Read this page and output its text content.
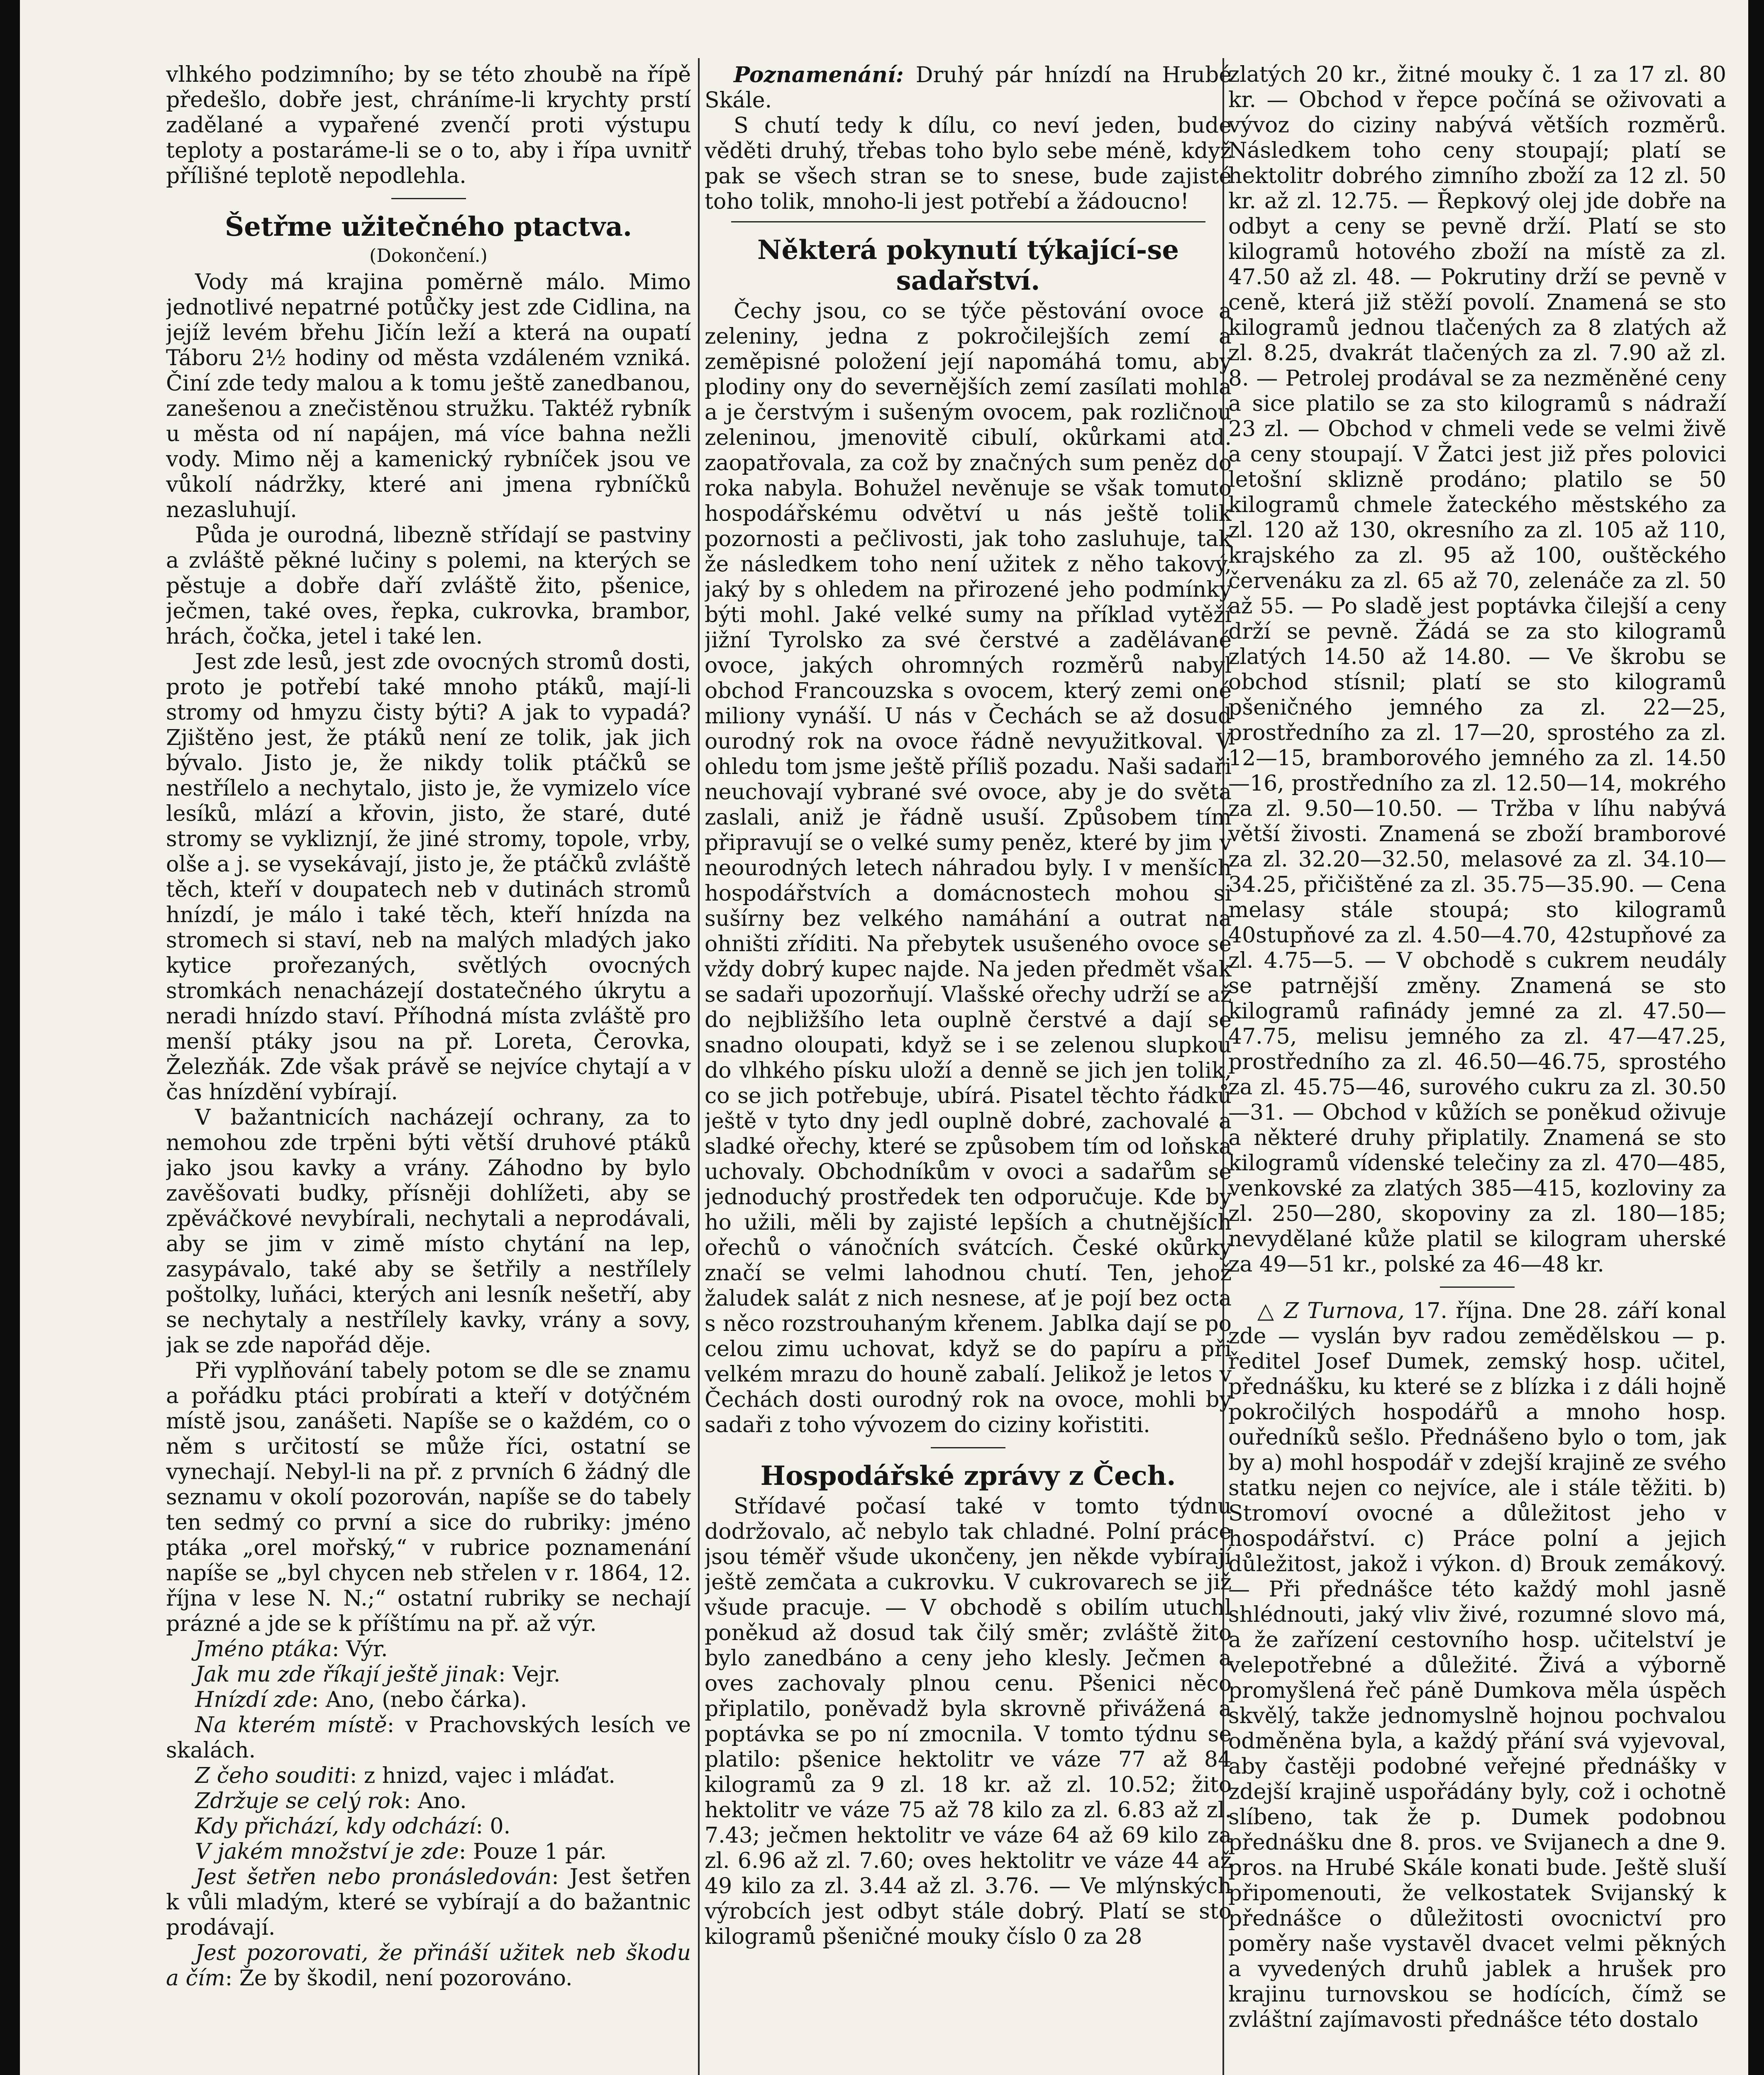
vlhkého podzimního; by se této zhoubě na řípě předešlo, dobře jest, chráníme-li krychty prstí zadělané a vypařené zvenčí proti výstupu teploty a postaráme-li se o to, aby i řípa uvnitř přílišné teplotě nepodlehla.

Šetřme užitečného ptactva.
(Dokončení.)

Vody má krajina poměrně málo. Mimo jednotlivé nepatrné potůčky jest zde Cidlina, na jejíž levém břehu Jičín leží a která na oupatí Táboru 2½ hodiny od města vzdáleném vzniká. Činí zde tedy malou a k tomu ještě zanedbanou, zanešenou a znečistěnou stružku. Taktéž rybník u města od ní napájen, má více bahna nežli vody. Mimo něj a kamenický rybníček jsou ve vůkolí nádržky, které ani jmena rybníčků nezasluhují.

Půda je ourodná, libezně střídají se pastviny a zvláště pěkné lučiny s polemi, na kterých se pěstuje a dobře daří zvláště žito, pšenice, ječmen, také oves, řepka, cukrovka, brambor, hrách, čočka, jetel i také len.

Jest zde lesů, jest zde ovocných stromů dosti, proto je potřebí také mnoho ptáků, mají-li stromy od hmyzu čisty býti? A jak to vypadá? Zjištěno jest, že ptáků není ze tolik, jak jich bývalo. Jisto je, že nikdy tolik ptáčků se nestřílelo a nechytalo, jisto je, že vymizelo více lesíků, mlází a křovin, jisto, že staré, duté stromy se vykliznjí, že jiné stromy, topole, vrby, olše a j. se vysekávají, jisto je, že ptáčků zvláště těch, kteří v doupatech neb v dutinách stromů hnízdí, je málo i také těch, kteří hnízda na stromech si staví, neb na malých mladých jako kytice prořezaných, světlých ovocných stromkách nenacházejí dostatečného úkrytu a neradi hnízdo staví. Příhodná místa zvláště pro menší ptáky jsou na př. Loreta, Čerovka, Železňák. Zde však právě se nejvíce chytají a v čas hnízdění vybírají.

V bažantnicích nacházejí ochrany, za to nemohou zde trpěni býti větší druhové ptáků jako jsou kavky a vrány. Záhodno by bylo zavěšovati budky, přísněji dohlížeti, aby se zpěváčkové nevybírali, nechytali a neprodávali, aby se jim v zimě místo chytání na lep, zasypávalo, také aby se šetřily a nestřílely poštolky, luňáci, kterých ani lesník nešetří, aby se nechytaly a nestřílely kavky, vrány a sovy, jak se zde napořád děje.

Při vyplňování tabely potom se dle se znamu a pořádku ptáci probírati a kteří v dotýčném místě jsou, zanášeti. Napíše se o každém, co o něm s určitostí se může říci, ostatní se vynechají. Nebyl-li na př. z prvních 6 žádný dle seznamu v okolí pozorován, napíše se do tabely ten sedmý co první a sice do rubriky: jméno ptáka „orel mořský,“ v rubrice poznamenání napíše se „byl chycen neb střelen v r. 1864, 12. října v lese N. N.;“ ostatní rubriky se nechají prázné a jde se k příštímu na př. až výr.

Jméno ptáka: Výr.

Jak mu zde říkají ještě jinak: Vejr.

Hnízdí zde: Ano, (nebo čárka).

Na kterém místě: v Prachovských lesích ve skalách.

Z čeho souditi: z hnizd, vajec i mláďat.

Zdržuje se celý rok: Ano.

Kdy přichází, kdy odchází: 0.

V jakém množství je zde: Pouze 1 pár.

Jest šetřen nebo pronásledován: Jest šetřen k vůli mladým, které se vybírají a do bažantnic prodávají.

Jest pozorovati, že přináší užitek neb škodu a čím: Že by škodil, není pozorováno.

Poznamenání: Druhý pár hnízdí na Hrubé Skále.

S chutí tedy k dílu, co neví jeden, bude věděti druhý, třebas toho bylo sebe méně, když pak se všech stran se to snese, bude zajisté toho tolik, mnoho-li jest potřebí a žádoucno!

Některá pokynutí týkající-se sadařství.

Čechy jsou, co se týče pěstování ovoce a zeleniny, jedna z pokročilejších zemí a zeměpisné položení její napomáhá tomu, aby plodiny ony do severnějších zemí zasílati mohla a je čerstvým i sušeným ovocem, pak rozličnou zeleninou, jmenovitě cibulí, okůrkami atd. zaopatřovala, za což by značných sum peněz do roka nabyla. Bohužel nevěnuje se však tomuto hospodářskému odvětví u nás ještě tolik pozornosti a pečlivosti, jak toho zasluhuje, tak že následkem toho není užitek z něho takový, jaký by s ohledem na přirozené jeho podmínky býti mohl. Jaké velké sumy na příklad vytěží jižní Tyrolsko za své čerstvé a zadělávané ovoce, jakých ohromných rozměrů nabyl obchod Francouzska s ovocem, který zemi oné miliony vynáší. U nás v Čechách se až dosud ourodný rok na ovoce řádně nevyužitkoval. V ohledu tom jsme ještě příliš pozadu. Naši sadaři neuchovají vybrané své ovoce, aby je do světa zaslali, aniž je řádně usuší. Způsobem tím připravují se o velké sumy peněz, které by jim v neourodných letech náhradou byly. I v menších hospodářstvích a domácnostech mohou si sušírny bez velkého namáhání a outrat na ohništi zříditi. Na přebytek usušeného ovoce se vždy dobrý kupec najde. Na jeden předmět však se sadaři upozorňují. Vlašské ořechy udrží se až do nejbližšího leta ouplně čerstvé a dají se snadno oloupati, když se i se zelenou slupkou do vlhkého písku uloží a denně se jich jen tolik, co se jich potřebuje, ubírá. Pisatel těchto řádků ještě v tyto dny jedl ouplně dobré, zachovalé a sladké ořechy, které se způsobem tím od loňska uchovaly. Obchodníkům v ovoci a sadařům se jednoduchý prostředek ten odporučuje. Kde by ho užili, měli by zajisté lepších a chutnějších ořechů o vánočních svátcích. České okůrky značí se velmi lahodnou chutí. Ten, jehož žaludek salát z nich nesnese, ať je pojí bez octa s něco rozstrouhaným křenem. Jablka dají se po celou zimu uchovat, když se do papíru a při velkém mrazu do houně zabalí. Jelikož je letos v Čechách dosti ourodný rok na ovoce, mohli by sadaři z toho vývozem do ciziny kořistiti.

Hospodářské zprávy z Čech.

Střídavé počasí také v tomto týdnu dodržovalo, ač nebylo tak chladné. Polní práce jsou téměř všude ukončeny, jen někde vybírají ještě zemčata a cukrovku. V cukrovarech se již všude pracuje. — V obchodě s obilím utuchl poněkud až dosud tak čilý směr; zvláště žito bylo zanedbáno a ceny jeho klesly. Ječmen a oves zachovaly plnou cenu. Pšenici něco připlatilo, poněvadž byla skrovně přivážená a poptávka se po ní zmocnila. V tomto týdnu se platilo: pšenice hektolitr ve váze 77 až 84 kilogramů za 9 zl. 18 kr. až zl. 10.52; žito hektolitr ve váze 75 až 78 kilo za zl. 6.83 až zl. 7.43; ječmen hektolitr ve váze 64 až 69 kilo za zl. 6.96 až zl. 7.60; oves hektolitr ve váze 44 až 49 kilo za zl. 3.44 až zl. 3.76. — Ve mlýnských výrobcích jest odbyt stále dobrý. Platí se sto kilogramů pšeničné mouky číslo 0 za 28

zlatých 20 kr., žitné mouky č. 1 za 17 zl. 80 kr. — Obchod v řepce počíná se oživovati a vývoz do ciziny nabývá větších rozměrů. Následkem toho ceny stoupají; platí se hektolitr dobrého zimního zboží za 12 zl. 50 kr. až zl. 12.75. — Řepkový olej jde dobře na odbyt a ceny se pevně drží. Platí se sto kilogramů hotového zboží na místě za zl. 47.50 až zl. 48. — Pokrutiny drží se pevně v ceně, která již stěží povolí. Znamená se sto kilogramů jednou tlačených za 8 zlatých až zl. 8.25, dvakrát tlačených za zl. 7.90 až zl. 8. — Petrolej prodával se za nezměněné ceny a sice platilo se za sto kilogramů s nádraží 23 zl. — Obchod v chmeli vede se velmi živě a ceny stoupají. V Žatci jest již přes polovici letošní sklizně prodáno; platilo se 50 kilogramů chmele žateckého městského za zl. 120 až 130, okresního za zl. 105 až 110, krajského za zl. 95 až 100, ouštěckého červenáku za zl. 65 až 70, zelenáče za zl. 50 až 55. — Po sladě jest poptávka čilejší a ceny drží se pevně. Žádá se za sto kilogramů zlatých 14.50 až 14.80. — Ve škrobu se obchod stísnil; platí se sto kilogramů pšeničného jemného za zl. 22—25, prostředního za zl. 17—20, sprostého za zl. 12—15, bramborového jemného za zl. 14.50—16, prostředního za zl. 12.50—14, mokrého za zl. 9.50—10.50. — Tržba v líhu nabývá větší živosti. Znamená se zboží bramborové za zl. 32.20—32.50, melasové za zl. 34.10—34.25, přičištěné za zl. 35.75—35.90. — Cena melasy stále stoupá; sto kilogramů 40stupňové za zl. 4.50—4.70, 42stupňové za zl. 4.75—5. — V obchodě s cukrem neudály se patrnější změny. Znamená se sto kilogramů rafinády jemné za zl. 47.50—47.75, melisu jemného za zl. 47—47.25, prostředního za zl. 46.50—46.75, sprostého za zl. 45.75—46, surového cukru za zl. 30.50—31. — Obchod v kůžích se poněkud oživuje a některé druhy připlatily. Znamená se sto kilogramů vídenské telečiny za zl. 470—485, venkovské za zlatých 385—415, kozloviny za zl. 250—280, skopoviny za zl. 180—185; nevydělané kůže platil se kilogram uherské za 49—51 kr., polské za 46—48 kr.

△ Z Turnova, 17. října. Dne 28. září konal zde — vyslán byv radou zemědělskou — p. ředitel Josef Dumek, zemský hosp. učitel, přednášku, ku které se z blízka i z dáli hojně pokročilých hospodářů a mnoho hosp. ouředníků sešlo. Přednášeno bylo o tom, jak by a) mohl hospodář v zdejší krajině ze svého statku nejen co nejvíce, ale i stále těžiti. b) Stromoví ovocné a důležitost jeho v hospodářství. c) Práce polní a jejich důležitost, jakož i výkon. d) Brouk zemákový.— Při přednášce této každý mohl jasně shlédnouti, jaký vliv živé, rozumné slovo má, a že zařízení cestovního hosp. učitelství je velepotřebné a důležité. Živá a výborně promyšlená řeč páně Dumkova měla úspěch skvělý, takže jednomyslně hojnou pochvalou odměněna byla, a každý přání svá vyjevoval, aby častěji podobné veřejné přednášky v zdejší krajině uspořádány byly, což i ochotně slíbeno, tak že p. Dumek podobnou přednášku dne 8. pros. ve Svijanech a dne 9. pros. na Hrubé Skále konati bude. Ještě sluší připomenouti, že velkostatek Svijanský k přednášce o důležitosti ovocnictví pro poměry naše vystavěl dvacet velmi pěkných a vyvedených druhů jablek a hrušek pro krajinu turnovskou se hodících, čímž se zvláštní zajímavosti přednášce této dostalo
